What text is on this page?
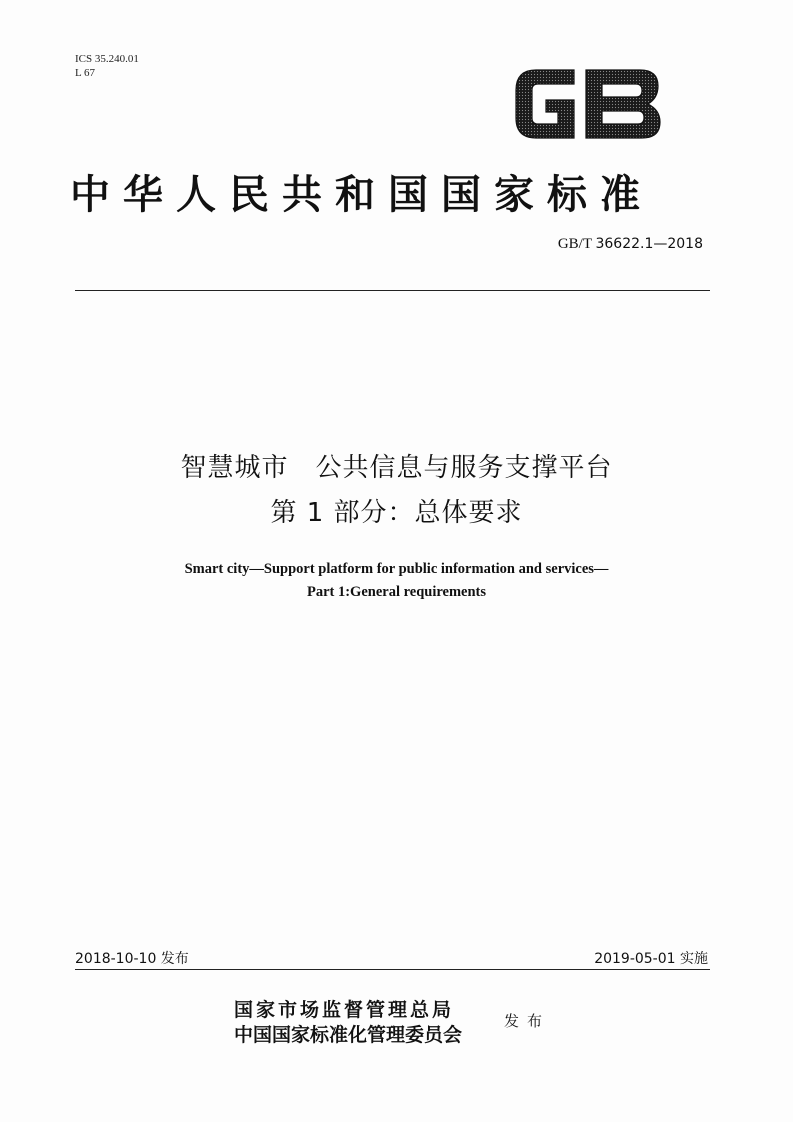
ICS 35.240.01
L 67
中华人民共和国国家标准
GB/T 36622.1—2018
智慧城市　公共信息与服务支撑平台
第 1 部分：总体要求
Smart city—Support platform for public information and services—
Part 1:General requirements
2018-10-10 发布	2019-05-01 实施
国家市场监督管理总局
中国国家标准化管理委员会
发布
